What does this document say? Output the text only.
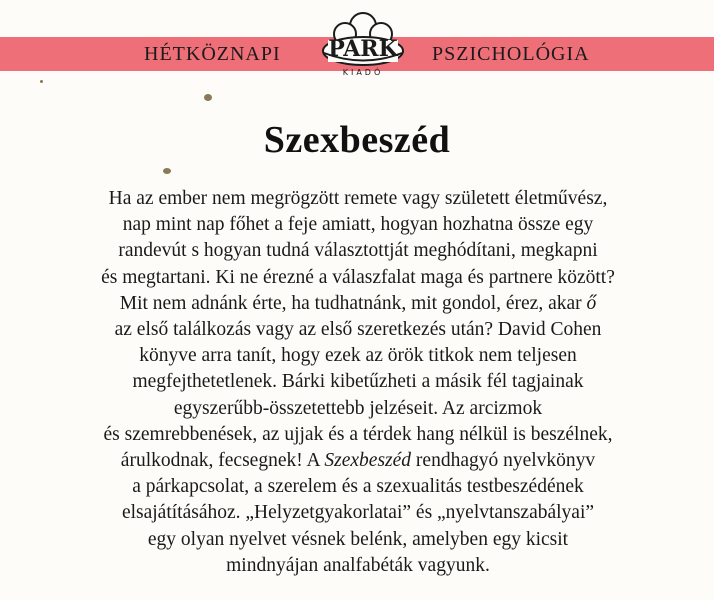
HÉTKÖZNAPI	PSZICHOLÓGIA
PARK
KIADÓ
Szexbeszéd
Ha az ember nem megrögzött remete vagy született életművész,
nap mint nap főhet a feje amiatt, hogyan hozhatna össze egy
randevút s hogyan tudná választottját meghódítani, megkapni
és megtartani. Ki ne érezné a válaszfalat maga és partnere között?
Mit nem adnánk érte, ha tudhatnánk, mit gondol, érez, akar ő
az első találkozás vagy az első szeretkezés után? David Cohen
könyve arra tanít, hogy ezek az örök titkok nem teljesen
megfejthetetlenek. Bárki kibetűzheti a másik fél tagjainak
egyszerűbb-összetettebb jelzéseit. Az arcizmok
és szemrebbenések, az ujjak és a térdek hang nélkül is beszélnek,
árulkodnak, fecsegnek! A Szexbeszéd rendhagyó nyelvkönyv
a párkapcsolat, a szerelem és a szexualitás testbeszédének
elsajátításához. „Helyzetgyakorlatai” és „nyelvtanszabályai”
egy olyan nyelvet vésnek belénk, amelyben egy kicsit
mindnyájan analfabéták vagyunk.
